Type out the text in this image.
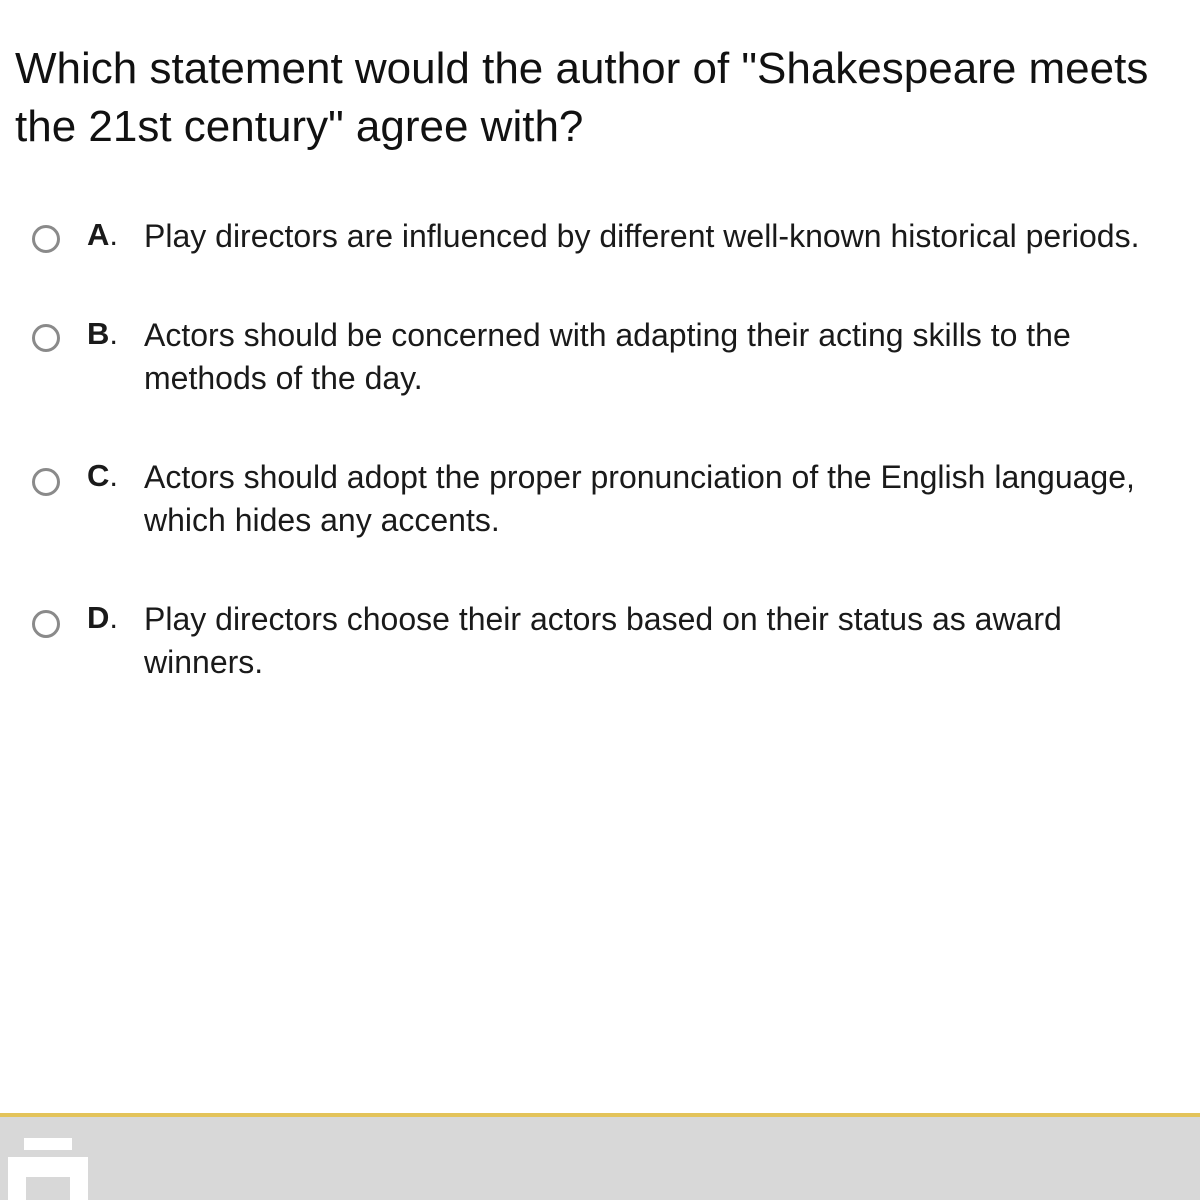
Which statement would the author of "Shakespeare meets
the 21st century" agree with?
A. Play directors are influenced by different well-known historical periods.
B. Actors should be concerned with adapting their acting skills to the
methods of the day.
C. Actors should adopt the proper pronunciation of the English language,
which hides any accents.
D. Play directors choose their actors based on their status as award
winners.
